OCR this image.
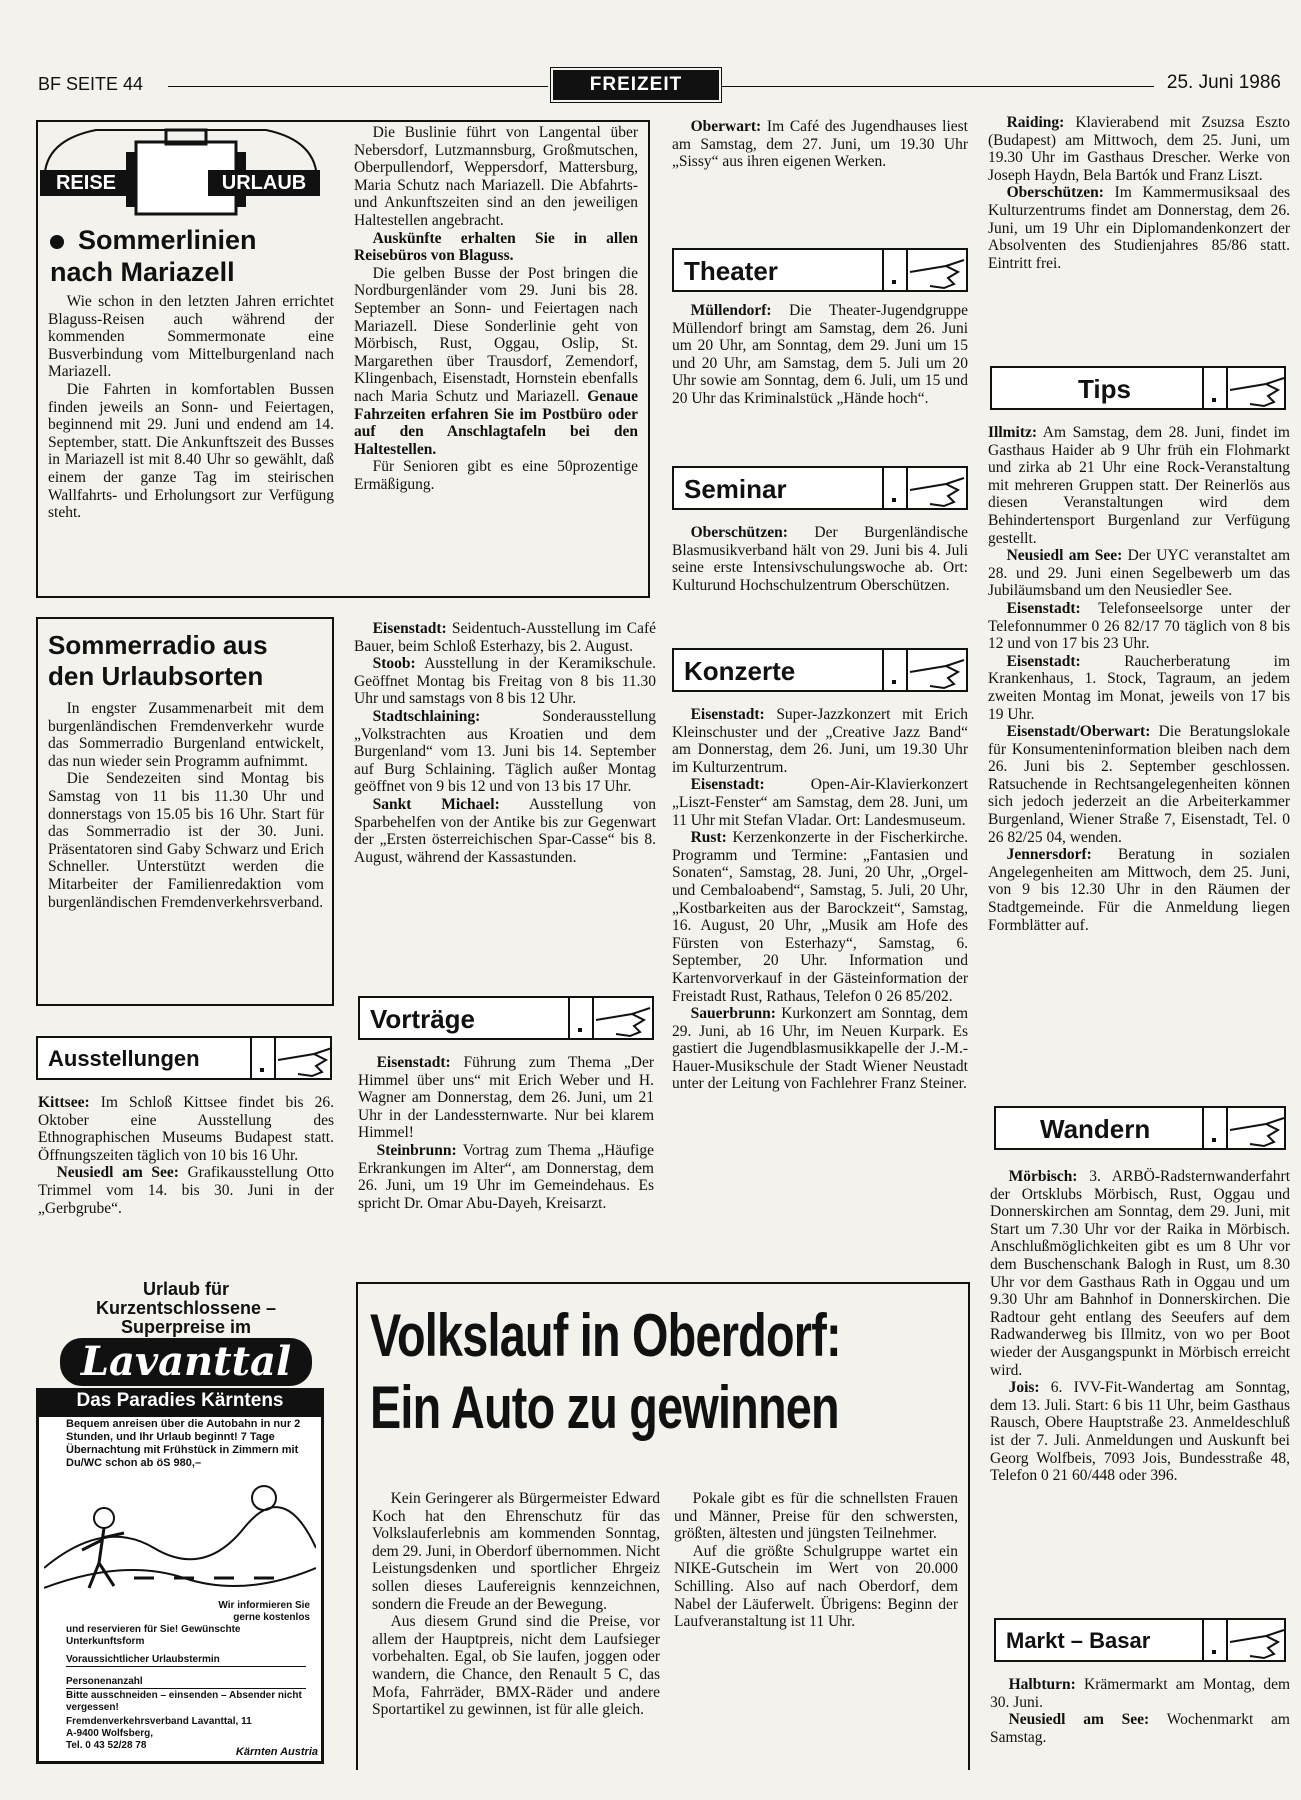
BF SEITE 44	FREIZEIT	25. Juni 1986
REISE	URLAUB
Sommerlinien
nach Mariazell

Wie schon in den letzten Jahren errichtet Blaguss-Reisen auch während der kommenden Sommermonate eine Busverbindung vom Mittelburgenland nach Mariazell.

Die Fahrten in komfortablen Bussen finden jeweils an Sonn- und Feiertagen, beginnend mit 29. Juni und endend am 14. September, statt. Die Ankunftszeit des Busses in Mariazell ist mit 8.40 Uhr so gewählt, daß einem der ganze Tag im steirischen Wallfahrts- und Erholungsort zur Verfügung steht.

Die Buslinie führt von Langental über Nebersdorf, Lutzmannsburg, Großmutschen, Oberpullendorf, Weppersdorf, Mattersburg, Maria Schutz nach Mariazell. Die Abfahrts- und Ankunftszeiten sind an den jeweiligen Haltestellen angebracht.

Auskünfte erhalten Sie in allen Reisebüros von Blaguss.

Die gelben Busse der Post bringen die Nordburgenländer vom 29. Juni bis 28. September an Sonn- und Feiertagen nach Mariazell. Diese Sonderlinie geht von Mörbisch, Rust, Oggau, Oslip, St. Margarethen über Trausdorf, Zemendorf, Klingenbach, Eisenstadt, Hornstein ebenfalls nach Maria Schutz und Mariazell. Genaue Fahrzeiten erfahren Sie im Postbüro oder auf den Anschlagtafeln bei den Haltestellen.

Für Senioren gibt es eine 50prozentige Ermäßigung.

Sommerradio aus
den Urlaubsorten

In engster Zusammenarbeit mit dem burgenländischen Fremdenverkehr wurde das Sommerradio Burgenland entwickelt, das nun wieder sein Programm aufnimmt.

Die Sendezeiten sind Montag bis Samstag von 11 bis 11.30 Uhr und donnerstags von 15.05 bis 16 Uhr. Start für das Sommerradio ist der 30. Juni. Präsentatoren sind Gaby Schwarz und Erich Schneller. Unterstützt werden die Mitarbeiter der Familienredaktion vom burgenländischen Fremdenverkehrsverband.

Ausstellungen

Kittsee: Im Schloß Kittsee findet bis 26. Oktober eine Ausstellung des Ethnographischen Museums Budapest statt. Öffnungszeiten täglich von 10 bis 16 Uhr.

Neusiedl am See: Grafikausstellung Otto Trimmel vom 14. bis 30. Juni in der „Gerbgrube“.

Eisenstadt: Seidentuch-Ausstellung im Café Bauer, beim Schloß Esterhazy, bis 2. August.

Stoob: Ausstellung in der Keramikschule. Geöffnet Montag bis Freitag von 8 bis 11.30 Uhr und samstags von 8 bis 12 Uhr.

Stadtschlaining:	Sonderausstellung „Volkstrachten aus Kroatien und dem Burgenland“ vom 13. Juni bis 14. September auf Burg Schlaining. Täglich außer Montag geöffnet von 9 bis 12 und von 13 bis 17 Uhr.

Sankt Michael: Ausstellung von Sparbehelfen von der Antike bis zur Gegenwart der „Ersten österreichischen Spar-Casse“ bis 8. August, während der Kassastunden.

Vorträge

Eisenstadt: Führung zum Thema „Der Himmel über uns“ mit Erich Weber und H. Wagner am Donnerstag, dem 26. Juni, um 21 Uhr in der Landessternwarte. Nur bei klarem Himmel!

Steinbrunn: Vortrag zum Thema „Häufige Erkrankungen im Alter“, am Donnerstag, dem 26. Juni, um 19 Uhr im Gemeindehaus. Es spricht Dr. Omar Abu-Dayeh, Kreisarzt.

Oberwart: Im Café des Jugendhauses liest am Samstag, dem 27. Juni, um 19.30 Uhr „Sissy“ aus ihren eigenen Werken.

Theater

Müllendorf: Die Theater-Jugendgruppe Müllendorf bringt am Samstag, dem 26. Juni um 20 Uhr, am Sonntag, dem 29. Juni um 15 und 20 Uhr, am Samstag, dem 5. Juli um 20 Uhr sowie am Sonntag, dem 6. Juli, um 15 und 20 Uhr das Kriminalstück „Hände hoch“.

Seminar

Oberschützen: Der Burgenländische Blasmusikverband hält von 29. Juni bis 4. Juli seine erste Intensivschulungswoche ab. Ort: Kulturund Hochschulzentrum Oberschützen.

Konzerte

Eisenstadt: Super-Jazzkonzert mit Erich Kleinschuster und der „Creative Jazz Band“ am Donnerstag, dem 26. Juni, um 19.30 Uhr im Kulturzentrum.

Eisenstadt:	Open-Air-Klavierkonzert „Liszt-Fenster“ am Samstag, dem 28. Juni, um 11 Uhr mit Stefan Vladar. Ort: Landesmuseum.

Rust: Kerzenkonzerte in der Fischerkirche. Programm und Termine: „Fantasien und Sonaten“, Samstag, 28. Juni, 20 Uhr, „Orgel- und Cembaloabend“, Samstag, 5. Juli, 20 Uhr, „Kostbarkeiten aus der Barockzeit“, Samstag, 16. August, 20 Uhr, „Musik am Hofe des Fürsten von Esterhazy“, Samstag, 6. September, 20 Uhr. Information und Kartenvorverkauf in der Gästeinformation der Freistadt Rust, Rathaus, Telefon 0 26 85/202.

Sauerbrunn: Kurkonzert am Sonntag, dem 29. Juni, ab 16 Uhr, im Neuen Kurpark. Es gastiert die Jugendblasmusikkapelle der J.-M.-Hauer-Musikschule der Stadt Wiener Neustadt unter der Leitung von Fachlehrer Franz Steiner.

Raiding: Klavierabend mit Zsuzsa Eszto (Budapest) am Mittwoch, dem 25. Juni, um 19.30 Uhr im Gasthaus Drescher. Werke von Joseph Haydn, Bela Bartók und Franz Liszt.

Oberschützen: Im Kammermusiksaal des Kulturzentrums findet am Donnerstag, dem 26. Juni, um 19 Uhr ein Diplomandenkonzert der Absolventen des Studienjahres 85/86 statt. Eintritt frei.

Tips

Illmitz: Am Samstag, dem 28. Juni, findet im Gasthaus Haider ab 9 Uhr früh ein Flohmarkt und zirka ab 21 Uhr eine Rock-Veranstaltung mit mehreren Gruppen statt. Der Reinerlös aus diesen Veranstaltungen wird dem Behindertensport Burgenland zur Verfügung gestellt.

Neusiedl am See: Der UYC veranstaltet am 28. und 29. Juni einen Segelbewerb um das Jubiläumsband um den Neusiedler See.

Eisenstadt: Telefonseelsorge unter der Telefonnummer 0 26 82/17 70 täglich von 8 bis 12 und von 17 bis 23 Uhr.

Eisenstadt:	Raucherberatung im Krankenhaus, 1. Stock, Tagraum, an jedem zweiten Montag im Monat, jeweils von 17 bis 19 Uhr.

Eisenstadt/Oberwart: Die Beratungslokale für Konsumenteninformation bleiben nach dem 26. Juni bis 2. September geschlossen. Ratsuchende in Rechtsangelegenheiten können sich jedoch jederzeit an die Arbeiterkammer Burgenland, Wiener Straße 7, Eisenstadt, Tel. 0 26 82/25 04, wenden.

Jennersdorf: Beratung in sozialen Angelegenheiten am Mittwoch, dem 25. Juni, von 9 bis 12.30 Uhr in den Räumen der Stadtgemeinde. Für die Anmeldung liegen Formblätter auf.

Wandern

Mörbisch: 3. ARBÖ-Radsternwanderfahrt der Ortsklubs Mörbisch, Rust, Oggau und Donnerskirchen am Sonntag, dem 29. Juni, mit Start um 7.30 Uhr vor der Raika in Mörbisch. Anschlußmöglichkeiten gibt es um 8 Uhr vor dem Buschenschank Balogh in Rust, um 8.30 Uhr vor dem Gasthaus Rath in Oggau und um 9.30 Uhr am Bahnhof in Donnerskirchen. Die Radtour geht entlang des Seeufers auf dem Radwanderweg bis Illmitz, von wo per Boot wieder der Ausgangspunkt in Mörbisch erreicht wird.

Jois: 6. IVV-Fit-Wandertag am Sonntag, dem 13. Juli. Start: 6 bis 11 Uhr, beim Gasthaus Rausch, Obere Hauptstraße 23. Anmeldeschluß ist der 7. Juli. Anmeldungen und Auskunft bei Georg Wolfbeis, 7093 Jois, Bundesstraße 48, Telefon 0 21 60/448 oder 396.

Markt – Basar

Halbturn: Krämermarkt am Montag, dem 30. Juni.

Neusiedl am See: Wochenmarkt am Samstag.

Volkslauf in Oberdorf:
Ein Auto zu gewinnen

Kein Geringerer als Bürgermeister Edward Koch hat den Ehrenschutz für das Volkslauferlebnis am kommenden Sonntag, dem 29. Juni, in Oberdorf übernommen. Nicht Leistungsdenken und sportlicher Ehrgeiz sollen dieses Laufereignis kennzeichnen, sondern die Freude an der Bewegung.

Aus diesem Grund sind die Preise, vor allem der Hauptpreis, nicht dem Laufsieger vorbehalten. Egal, ob Sie laufen, joggen oder wandern, die Chance, den Renault 5 C, das Mofa, Fahrräder, BMX-Räder und andere Sportartikel zu gewinnen, ist für alle gleich.

Pokale gibt es für die schnellsten Frauen und Männer, Preise für den schwersten, größten, ältesten und jüngsten Teilnehmer.

Auf die größte Schulgruppe wartet ein NIKE-Gutschein im Wert von 20.000 Schilling. Also auf nach Oberdorf, dem Nabel der Läuferwelt. Übrigens: Beginn der Laufveranstaltung ist 11 Uhr.

Urlaub für
Kurzentschlossene –
Superpreise im
Lavanttal
Das Paradies Kärntens
Bequem anreisen über die Autobahn in nur 2 Stunden, und Ihr Urlaub beginnt! 7 Tage Übernachtung mit Frühstück in Zimmern mit Du/WC schon ab öS 980,–
Wir informieren Sie
gerne kostenlos
und reservieren für Sie! Gewünschte Unterkunftsform
Voraussichtlicher Urlaubstermin
Personenanzahl
Bitte ausschneiden – einsenden – Absender nicht vergessen!
Fremdenverkehrsverband Lavanttal, 11
A-9400 Wolfsberg,
Tel. 0 43 52/28 78
Kärnten Austria
